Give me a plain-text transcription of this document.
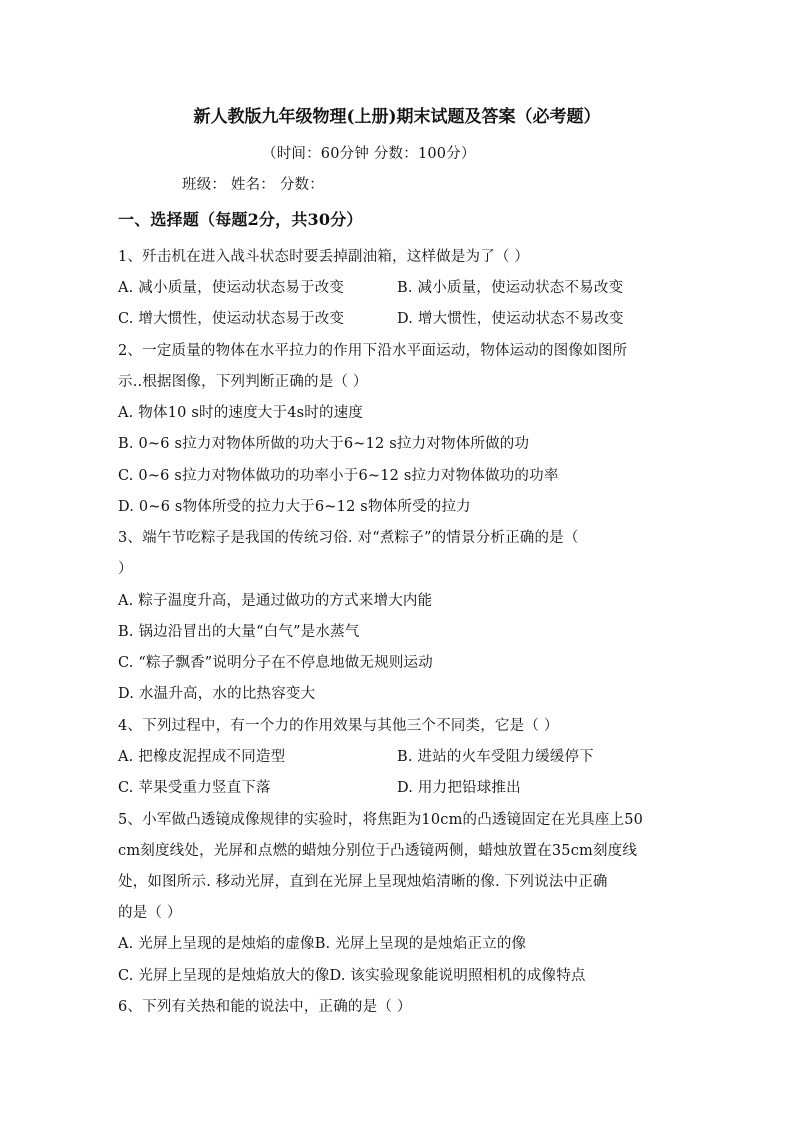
新人教版九年级物理(上册)期末试题及答案（必考题）
（时间：60分钟 分数：100分）
班级： 姓名： 分数：
一、选择题（每题2分，共30分）
1、歼击机在进入战斗状态时要丢掉副油箱，这样做是为了（ ）
A. 减小质量，使运动状态易于改变	B. 减小质量，使运动状态不易改变
C. 增大惯性，使运动状态易于改变	D. 增大惯性，使运动状态不易改变
2、一定质量的物体在水平拉力的作用下沿水平面运动，物体运动的图像如图所
示..根据图像，下列判断正确的是（ ）
A. 物体10 s时的速度大于4s时的速度
B. 0~6 s拉力对物体所做的功大于6~12 s拉力对物体所做的功
C. 0~6 s拉力对物体做功的功率小于6~12 s拉力对物体做功的功率
D. 0~6 s物体所受的拉力大于6~12 s物体所受的拉力
3、端午节吃粽子是我国的传统习俗. 对“煮粽子”的情景分析正确的是（
）
A. 粽子温度升高，是通过做功的方式来增大内能
B. 锅边沿冒出的大量“白气”是水蒸气
C. “粽子飘香”说明分子在不停息地做无规则运动
D. 水温升高，水的比热容变大
4、下列过程中，有一个力的作用效果与其他三个不同类，它是（ ）
A. 把橡皮泥捏成不同造型	B. 进站的火车受阻力缓缓停下
C. 苹果受重力竖直下落	D. 用力把铅球推出
5、小军做凸透镜成像规律的实验时，将焦距为10cm的凸透镜固定在光具座上50
cm刻度线处，光屏和点燃的蜡烛分别位于凸透镜两侧，蜡烛放置在35cm刻度线
处，如图所示. 移动光屏，直到在光屏上呈现烛焰清晰的像. 下列说法中正确
的是（ ）
A. 光屏上呈现的是烛焰的虚像B. 光屏上呈现的是烛焰正立的像
C. 光屏上呈现的是烛焰放大的像D. 该实验现象能说明照相机的成像特点
6、下列有关热和能的说法中，正确的是（ ）
